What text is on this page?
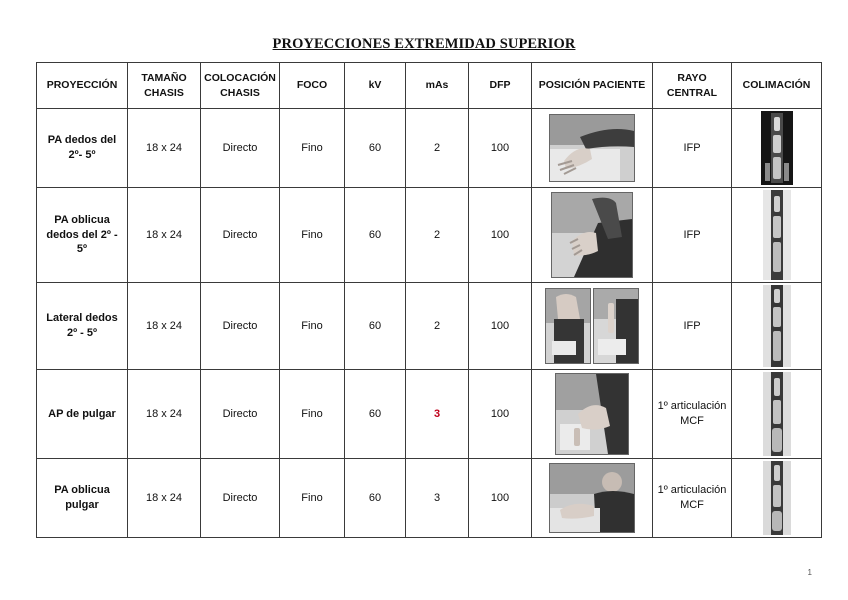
PROYECCIONES EXTREMIDAD SUPERIOR
PROYECCIÓN	TAMAÑO CHASIS	COLOCACIÓN CHASIS	FOCO	kV	mAs	DFP	POSICIÓN PACIENTE	RAYO CENTRAL	COLIMACIÓN
PA dedos del 2º- 5º	18 x 24	Directo	Fino	60	2	100		IFP	

PA oblicua dedos del 2º - 5º	18 x 24	Directo	Fino	60	2	100		IFP	

Lateral dedos 2º - 5º	18 x 24	Directo	Fino	60	2	100		IFP	

AP de pulgar	18 x 24	Directo	Fino	60	3	100		1º articulación MCF	

PA oblicua pulgar	18 x 24	Directo	Fino	60	3	100		1º articulación MCF	
1
